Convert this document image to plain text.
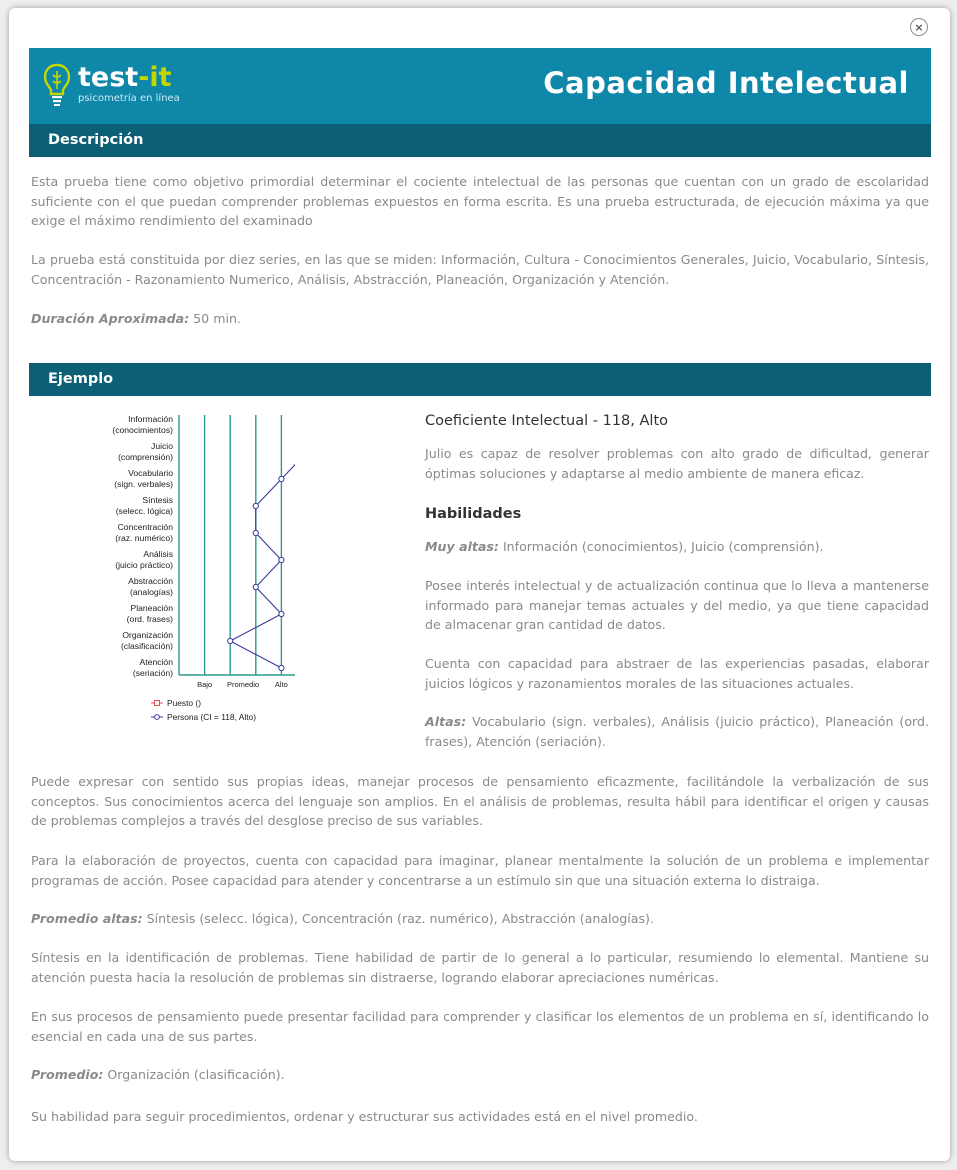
×
test-it
psicometría en línea	Capacidad Intelectual
Descripción

Esta prueba tiene como objetivo primordial determinar el cociente intelectual de las personas que cuentan con un grado de escolaridad suficiente con el que puedan comprender problemas expuestos en forma escrita. Es una prueba estructurada, de ejecución máxima ya que exige el máximo rendimiento del examinado

La prueba está constituida por diez series, en las que se miden: Información, Cultura - Conocimientos Generales, Juicio, Vocabulario, Síntesis, Concentración - Razonamiento Numerico, Análisis, Abstracción, Planeación, Organización y Atención.

Duración Aproximada: 50 min.

Ejemplo
Información
(conocimientos)
Juicio
(comprensión)
Vocabulario
(sign. verbales)
Síntesis
(selecc. lógica)
Concentración
(raz. numérico)
Análisis
(juicio práctico)
Abstracción
(analogías)
Planeación
(ord. frases)
Organización
(clasificación)
Atención
(seriación)
Bajo Promedio Alto
Puesto ()
Persona (CI = 118, Alto)
Coeficiente Intelectual - 118, Alto

Julio es capaz de resolver problemas con alto grado de dificultad, generar óptimas soluciones y adaptarse al medio ambiente de manera eficaz.

Habilidades

Muy altas: Información (conocimientos), Juicio (comprensión).

Posee interés intelectual y de actualización continua que lo lleva a mantenerse informado para manejar temas actuales y del medio, ya que tiene capacidad de almacenar gran cantidad de datos.

Cuenta con capacidad para abstraer de las experiencias pasadas, elaborar juicios lógicos y razonamientos morales de las situaciones actuales.

Altas: Vocabulario (sign. verbales), Análisis (juicio práctico), Planeación (ord. frases), Atención (seriación).

Puede expresar con sentido sus propias ideas, manejar procesos de pensamiento eficazmente, facilitándole la verbalización de sus conceptos. Sus conocimientos acerca del lenguaje son amplios. En el análisis de problemas, resulta hábil para identificar el origen y causas de problemas complejos a través del desglose preciso de sus variables.

Para la elaboración de proyectos, cuenta con capacidad para imaginar, planear mentalmente la solución de un problema e implementar programas de acción. Posee capacidad para atender y concentrarse a un estímulo sin que una situación externa lo distraiga.

Promedio altas: Síntesis (selecc. lógica), Concentración (raz. numérico), Abstracción (analogías).

Síntesis en la identificación de problemas. Tiene habilidad de partir de lo general a lo particular, resumiendo lo elemental. Mantiene su atención puesta hacia la resolución de problemas sin distraerse, logrando elaborar apreciaciones numéricas.

En sus procesos de pensamiento puede presentar facilidad para comprender y clasificar los elementos de un problema en sí, identificando lo esencial en cada una de sus partes.

Promedio: Organización (clasificación).

Su habilidad para seguir procedimientos, ordenar y estructurar sus actividades está en el nivel promedio.
